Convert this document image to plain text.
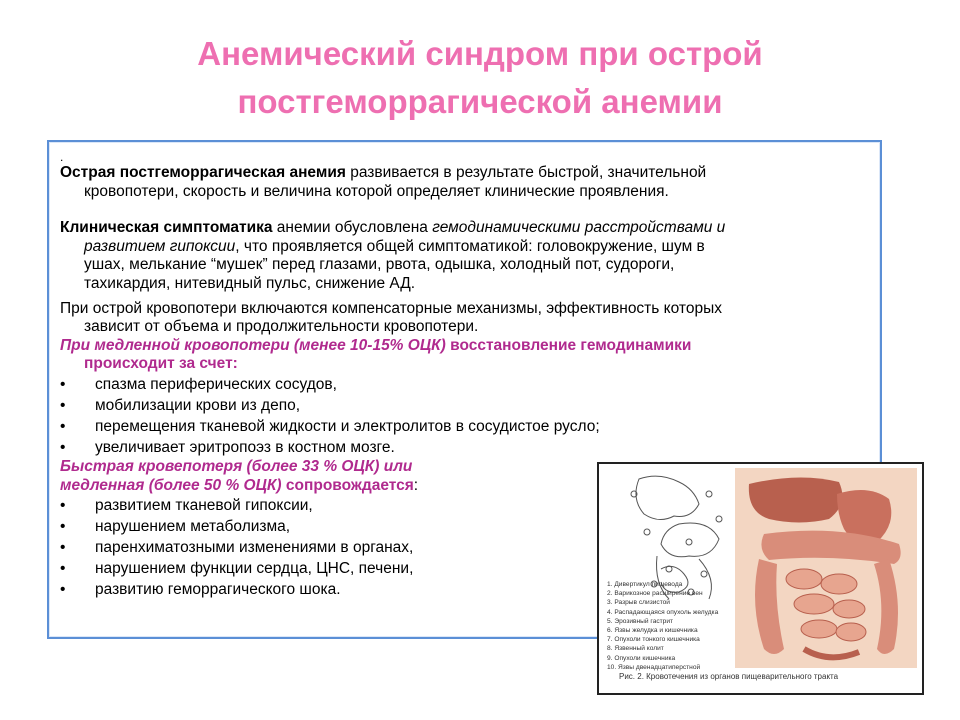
Анемический синдром при острой
постгеморрагической анемии

.

Острая постгеморрагическая анемия развивается в результате быстрой, значительной

кровопотери, скорость и величина которой определяет клинические проявления.

Клиническая симптоматика анемии обусловлена гемодинамическими расстройствами и

развитием гипоксии, что проявляется общей симптоматикой: головокружение, шум в

ушах, мелькание “мушек” перед глазами, рвота, одышка, холодный пот, судороги,

тахикардия, нитевидный пульс, снижение АД.

При острой кровопотери включаются компенсаторные механизмы, эффективность которых

зависит от объема и продолжительности кровопотери.

При медленной кровопотери (менее 10-15% ОЦК) восстановление гемодинамики

происходит за счет:

• спазма периферических сосудов,
• мобилизации крови из депо,
• перемещения тканевой жидкости и электролитов в сосудистое русло;
• увеличивает эритропоэз в костном мозге.

Быстрая кровепотеря (более 33 % ОЦК) или

медленная (более 50 % ОЦК) сопровождается:

• развитием тканевой гипоксии,
• нарушением метаболизма,
• паренхиматозными изменениями в органах,
• нарушением функции сердца, ЦНС, печени,
• развитию геморрагического шока.	1. Дивертикул пищевода
2. Варикозное расширение вен
3. Разрыв слизистой
4. Распадающаяся опухоль желудка
5. Эрозивный гастрит
6. Язвы желудка и кишечника
7. Опухоли тонкого кишечника
8. Язвенный колит
9. Опухоли кишечника
10. Язвы двенадцатиперстной
Рис. 2. Кровотечения из органов пищеварительного тракта
